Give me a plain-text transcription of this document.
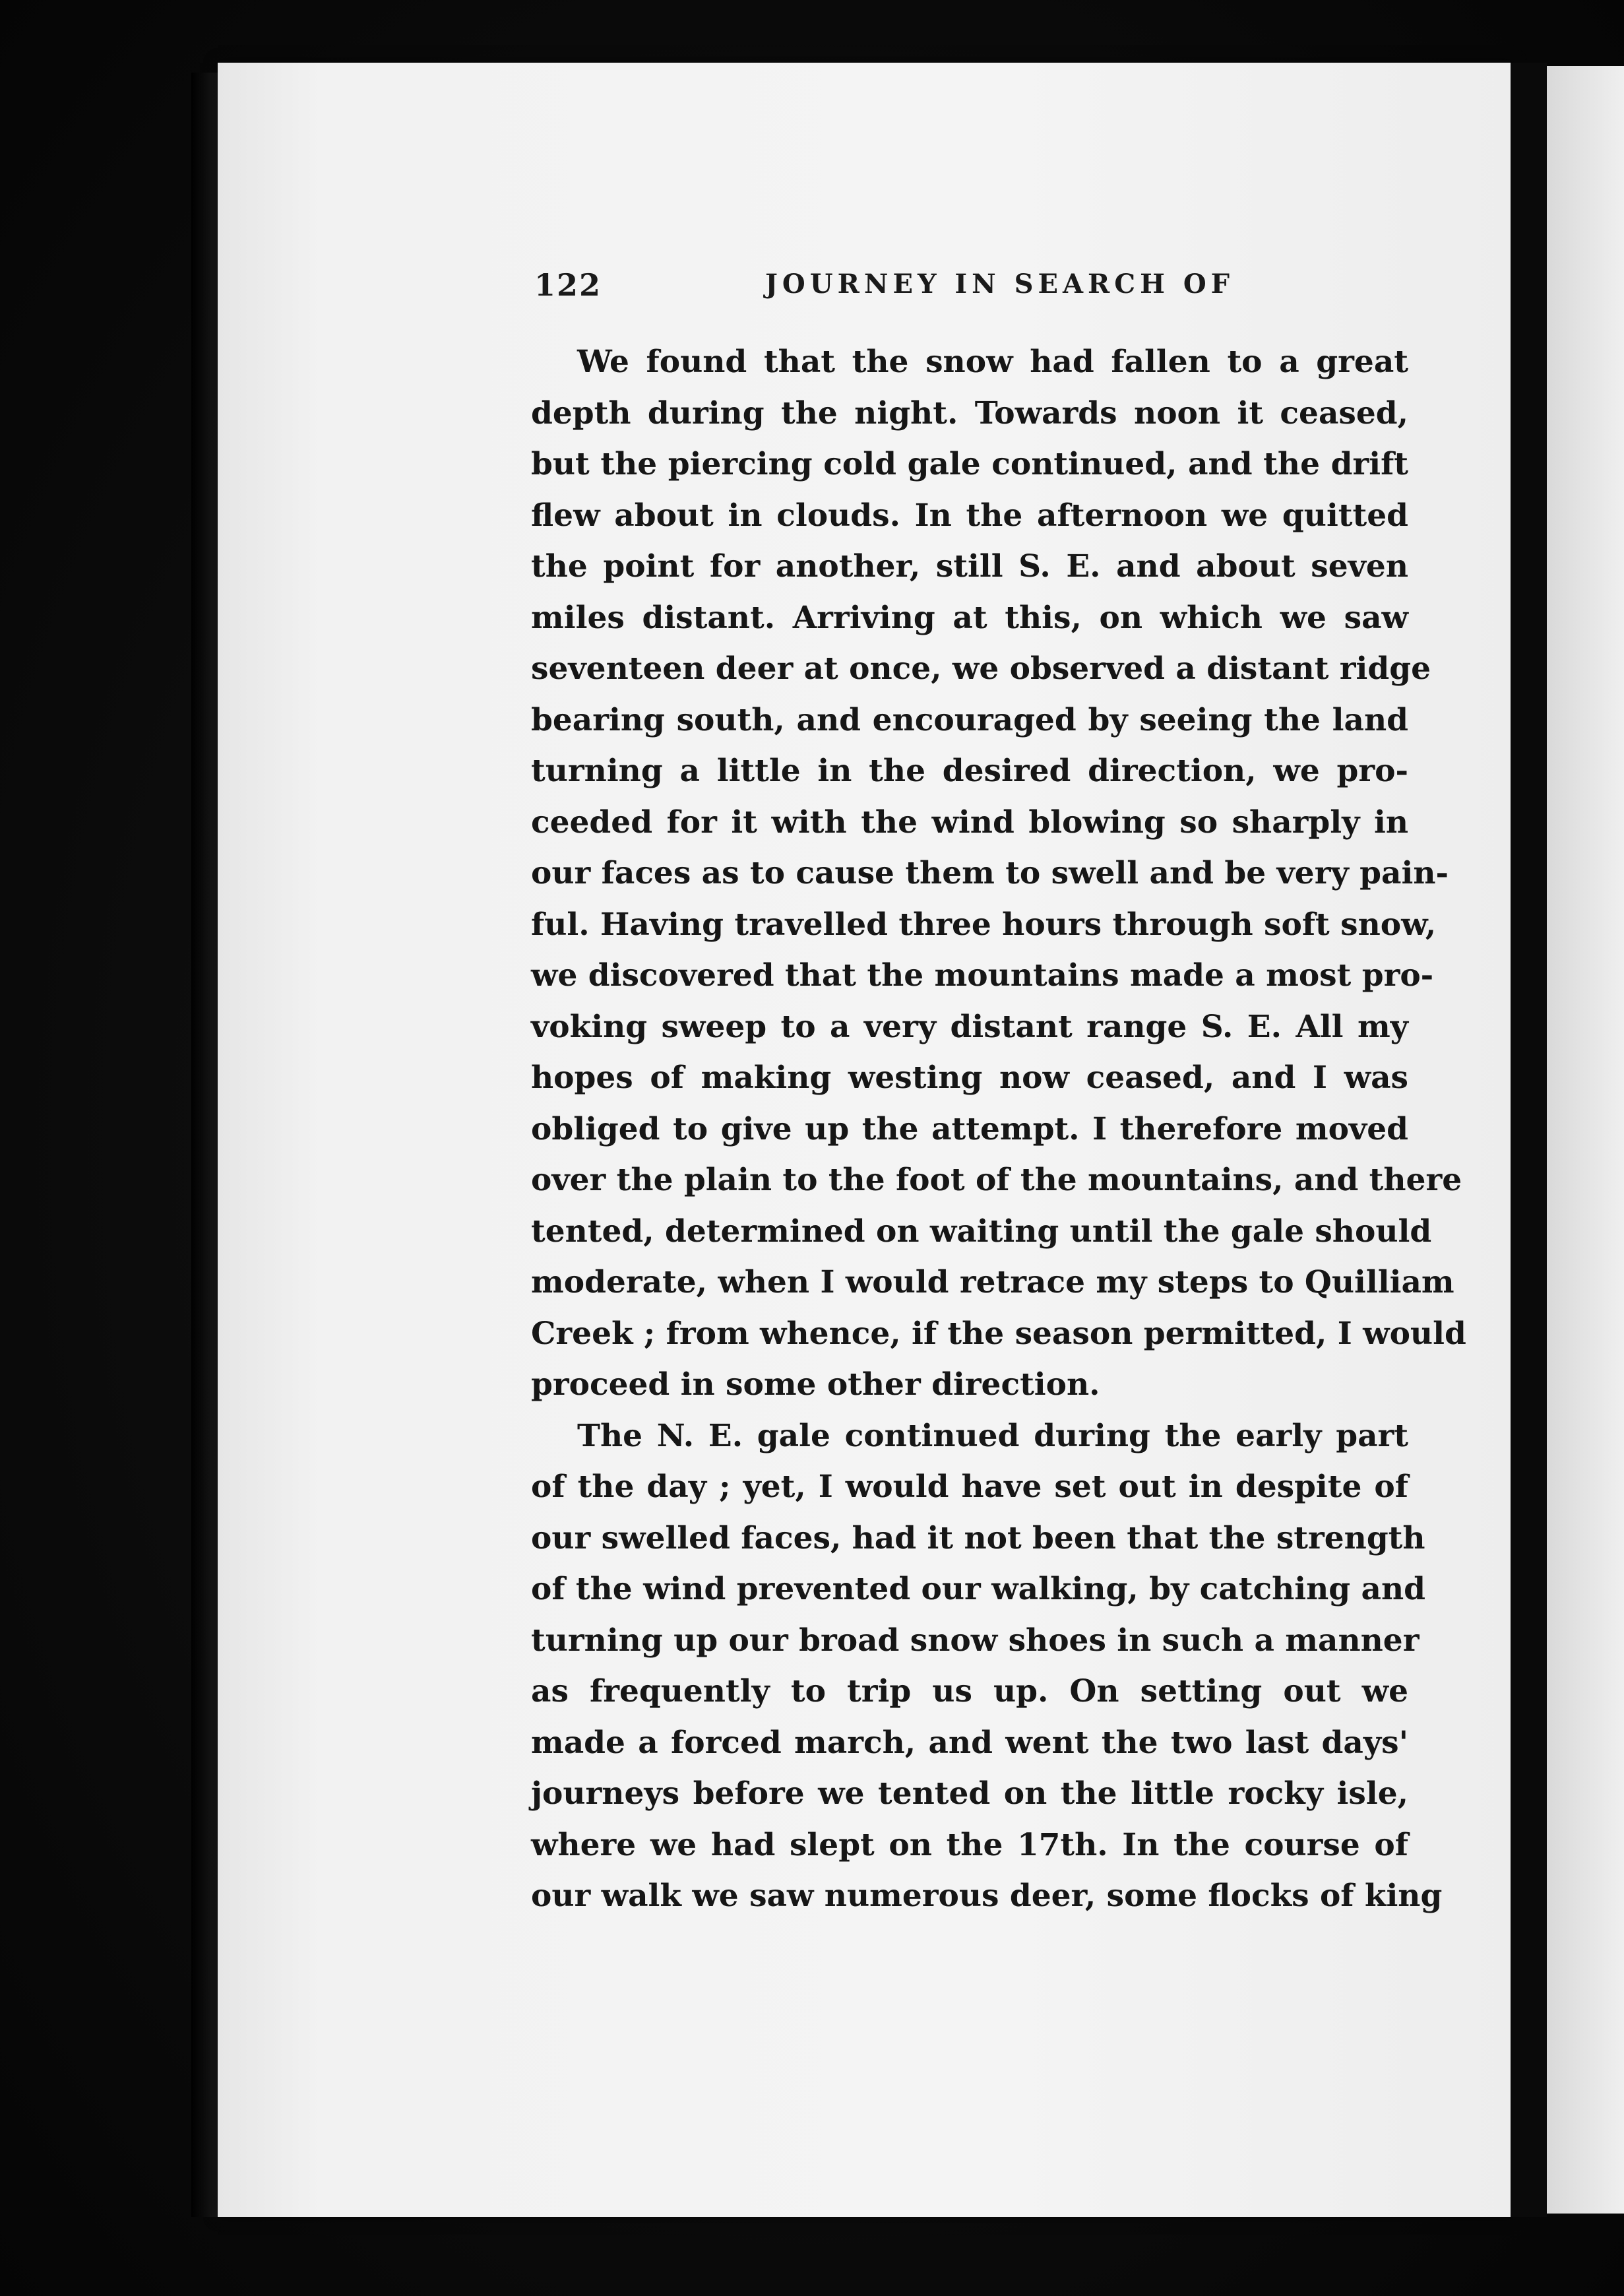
122	JOURNEY IN SEARCH OF
We found that the snow had fallen to a great
depth during the night. Towards noon it ceased,
but the piercing cold gale continued, and the drift
flew about in clouds. In the afternoon we quitted
the point for another, still S. E. and about seven
miles distant. Arriving at this, on which we saw
seventeen deer at once, we observed a distant ridge
bearing south, and encouraged by seeing the land
turning a little in the desired direction, we pro-
ceeded for it with the wind blowing so sharply in
our faces as to cause them to swell and be very pain-
ful. Having travelled three hours through soft snow,
we discovered that the mountains made a most pro-
voking sweep to a very distant range S. E. All my
hopes of making westing now ceased, and I was
obliged to give up the attempt. I therefore moved
over the plain to the foot of the mountains, and there
tented, determined on waiting until the gale should
moderate, when I would retrace my steps to Quilliam
Creek ; from whence, if the season permitted, I would
proceed in some other direction.
The N. E. gale continued during the early part
of the day ; yet, I would have set out in despite of
our swelled faces, had it not been that the strength
of the wind prevented our walking, by catching and
turning up our broad snow shoes in such a manner
as frequently to trip us up. On setting out we
made a forced march, and went the two last days'
journeys before we tented on the little rocky isle,
where we had slept on the 17th. In the course of
our walk we saw numerous deer, some flocks of king
